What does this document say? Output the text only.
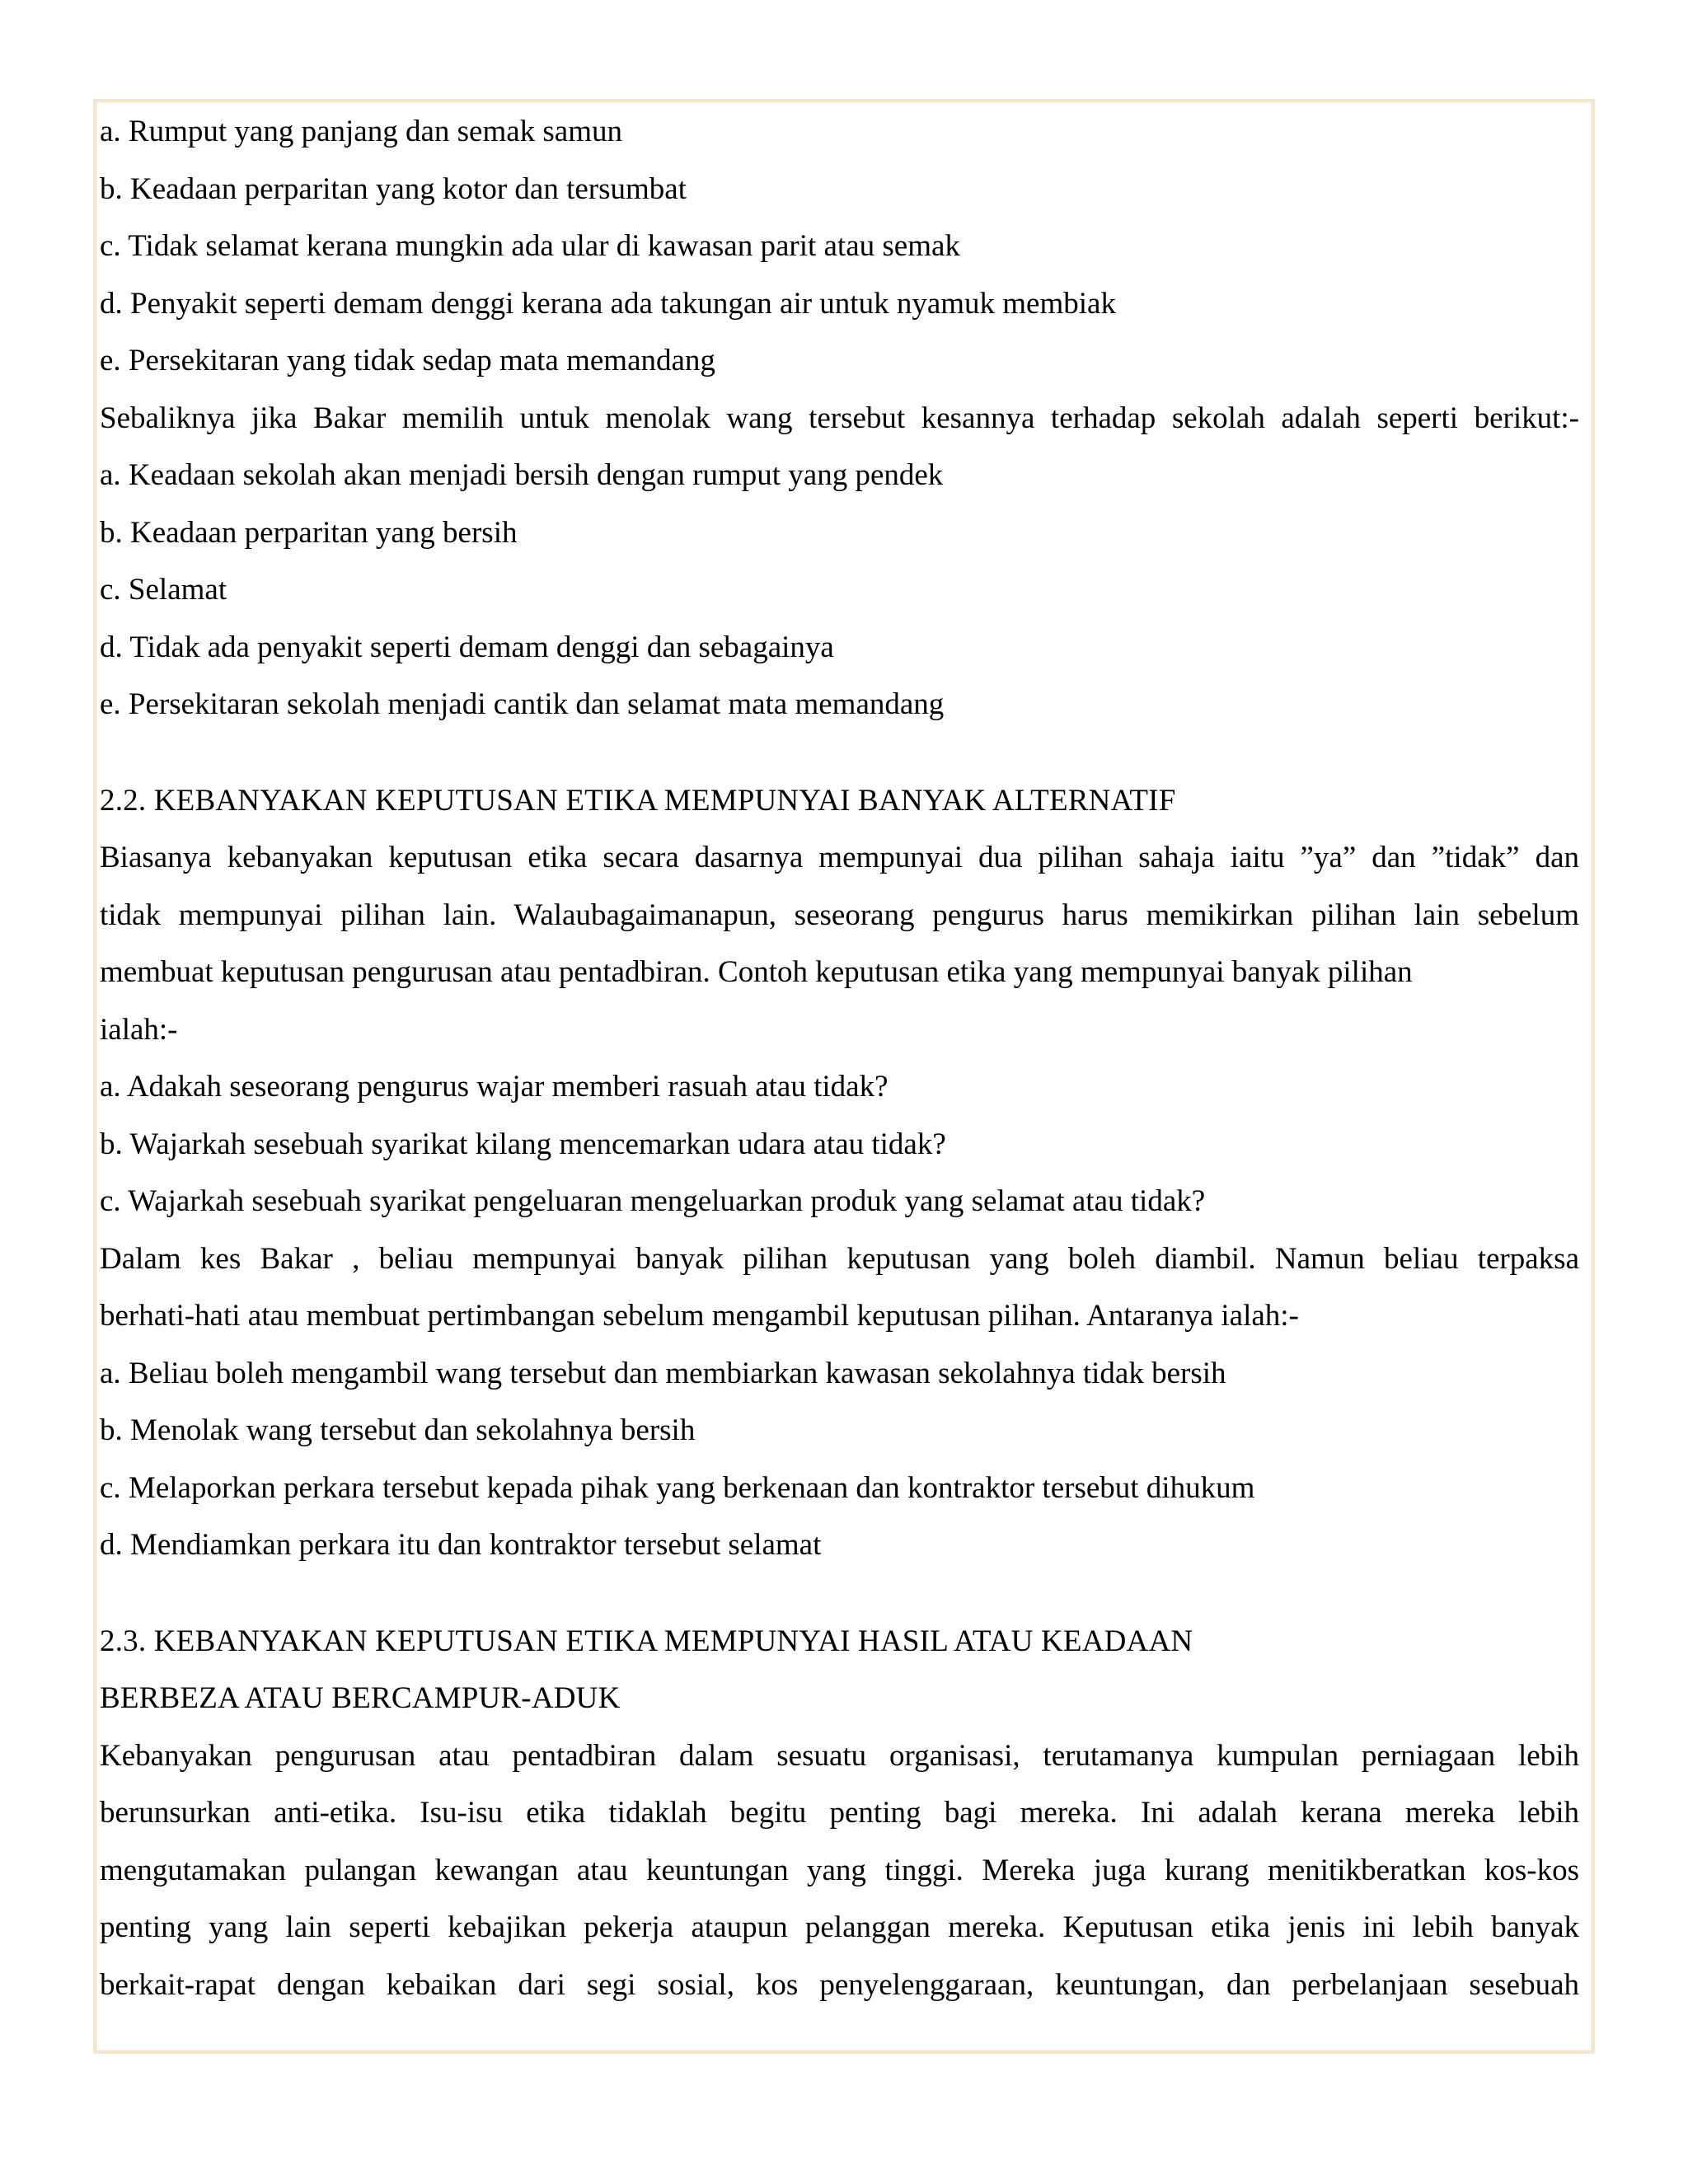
a. Rumput yang panjang dan semak samun
b. Keadaan perparitan yang kotor dan tersumbat
c. Tidak selamat kerana mungkin ada ular di kawasan parit atau semak
d. Penyakit seperti demam denggi kerana ada takungan air untuk nyamuk membiak
e. Persekitaran yang tidak sedap mata memandang
Sebaliknya jika Bakar memilih untuk menolak wang tersebut kesannya terhadap sekolah adalah seperti berikut:-
a. Keadaan sekolah akan menjadi bersih dengan rumput yang pendek
b. Keadaan perparitan yang bersih
c. Selamat
d. Tidak ada penyakit seperti demam denggi dan sebagainya
e. Persekitaran sekolah menjadi cantik dan selamat mata memandang
2.2. KEBANYAKAN KEPUTUSAN ETIKA MEMPUNYAI BANYAK ALTERNATIF
Biasanya kebanyakan keputusan etika secara dasarnya mempunyai dua pilihan sahaja iaitu ”ya” dan ”tidak” dan
tidak mempunyai pilihan lain. Walaubagaimanapun, seseorang pengurus harus memikirkan pilihan lain sebelum
membuat keputusan pengurusan atau pentadbiran. Contoh keputusan etika yang mempunyai banyak pilihan
ialah:-
a. Adakah seseorang pengurus wajar memberi rasuah atau tidak?
b. Wajarkah sesebuah syarikat kilang mencemarkan udara atau tidak?
c. Wajarkah sesebuah syarikat pengeluaran mengeluarkan produk yang selamat atau tidak?
Dalam kes Bakar , beliau mempunyai banyak pilihan keputusan yang boleh diambil. Namun beliau terpaksa
berhati-hati atau membuat pertimbangan sebelum mengambil keputusan pilihan. Antaranya ialah:-
a. Beliau boleh mengambil wang tersebut dan membiarkan kawasan sekolahnya tidak bersih
b. Menolak wang tersebut dan sekolahnya bersih
c. Melaporkan perkara tersebut kepada pihak yang berkenaan dan kontraktor tersebut dihukum
d. Mendiamkan perkara itu dan kontraktor tersebut selamat
2.3. KEBANYAKAN KEPUTUSAN ETIKA MEMPUNYAI HASIL ATAU KEADAAN
BERBEZA ATAU BERCAMPUR-ADUK
Kebanyakan pengurusan atau pentadbiran dalam sesuatu organisasi, terutamanya kumpulan perniagaan lebih
berunsurkan anti-etika. Isu-isu etika tidaklah begitu penting bagi mereka. Ini adalah kerana mereka lebih
mengutamakan pulangan kewangan atau keuntungan yang tinggi. Mereka juga kurang menitikberatkan kos-kos
penting yang lain seperti kebajikan pekerja ataupun pelanggan mereka. Keputusan etika jenis ini lebih banyak
berkait-rapat dengan kebaikan dari segi sosial, kos penyelenggaraan, keuntungan, dan perbelanjaan sesebuah
